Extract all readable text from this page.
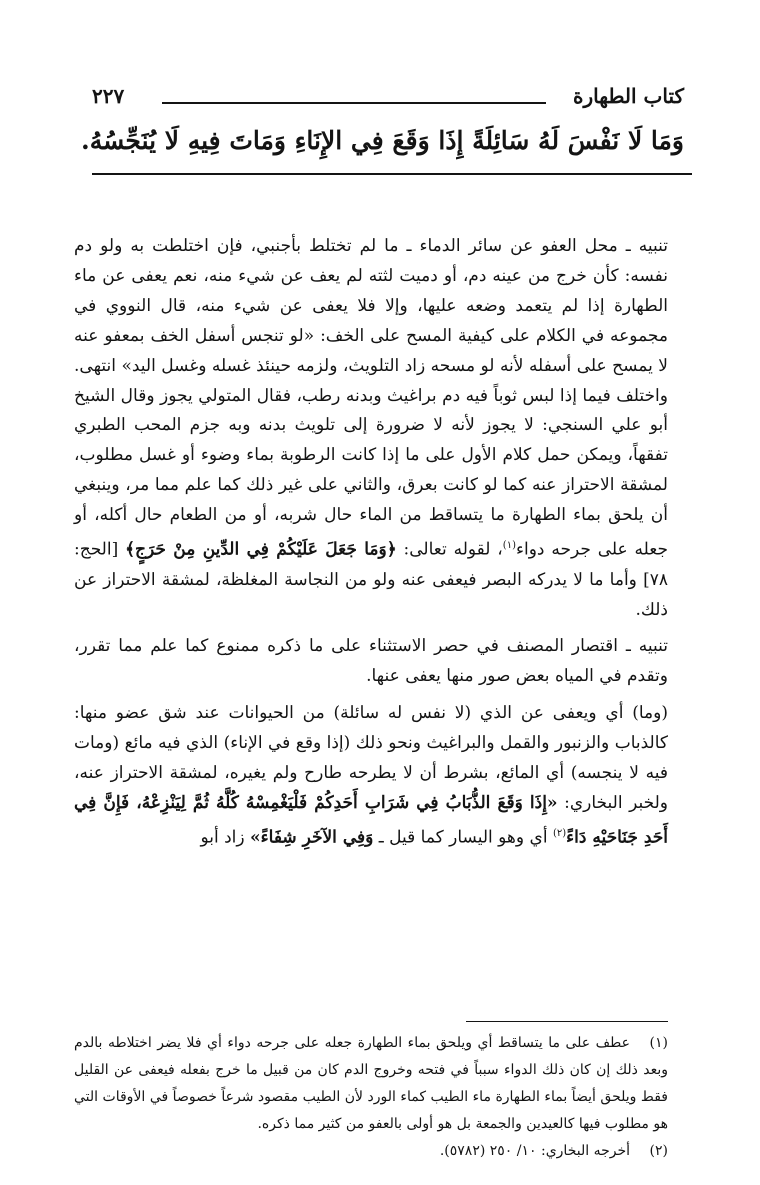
كتاب الطهارة
٢٢٧
وَمَا لَا نَفْسَ لَهُ سَائِلَةً إِذَا وَقَعَ فِي الإِنَاءِ وَمَاتَ فِيهِ لَا يُنَجِّسُهُ.

تنبيه ـ محل العفو عن سائر الدماء ـ ما لم تختلط بأجنبي، فإن اختلطت به ولو دم نفسه: كأن خرج من عينه دم، أو دميت لثته لم يعف عن شيء منه، نعم يعفى عن ماء الطهارة إذا لم يتعمد وضعه عليها، وإلا فلا يعفى عن شيء منه، قال النووي في مجموعه في الكلام على كيفية المسح على الخف: «لو تنجس أسفل الخف بمعفو عنه لا يمسح على أسفله لأنه لو مسحه زاد التلويث، ولزمه حينئذ غسله وغسل اليد» انتهى. واختلف فيما إذا لبس ثوباً فيه دم براغيث وبدنه رطب، فقال المتولي يجوز وقال الشيخ أبو علي السنجي: لا يجوز لأنه لا ضرورة إلى تلويث بدنه وبه جزم المحب الطبري تفقهاً، ويمكن حمل كلام الأول على ما إذا كانت الرطوبة بماء وضوء أو غسل مطلوب، لمشقة الاحتراز عنه كما لو كانت بعرق، والثاني على غير ذلك كما علم مما مر، وينبغي أن يلحق بماء الطهارة ما يتساقط من الماء حال شربه، أو من الطعام حال أكله، أو جعله على جرحه دواء$^{(١)}$، لقوله تعالى: ﴿وَمَا جَعَلَ عَلَيْكُمْ فِي الدِّينِ مِنْ حَرَجٍ﴾ [الحج: ٧٨] وأما ما لا يدركه البصر فيعفى عنه ولو من النجاسة المغلظة، لمشقة الاحتراز عن ذلك.

تنبيه ـ اقتصار المصنف في حصر الاستثناء على ما ذكره ممنوع كما علم مما تقرر، وتقدم في المياه بعض صور منها يعفى عنها.

(وما) أي ويعفى عن الذي (لا نفس له سائلة) من الحيوانات عند شق عضو منها: كالذباب والزنبور والقمل والبراغيث ونحو ذلك (إذا وقع في الإناء) الذي فيه مائع (ومات فيه لا ينجسه) أي المائع، بشرط أن لا يطرحه طارح ولم يغيره، لمشقة الاحتراز عنه، ولخبر البخاري: «إِذَا وَقَعَ الذُّبَابُ فِي شَرَابِ أَحَدِكُمْ فَلْيَغْمِسْهُ كُلَّهُ ثُمَّ لِيَنْزِعْهُ، فَإِنَّ فِي أَحَدِ جَنَاحَيْهِ دَاءً$^{(٢)}$ أي وهو اليسار كما قيل ـ وَفِي الآخَرِ شِفَاءً» زاد أبو

(١)عطف على ما يتساقط أي ويلحق بماء الطهارة جعله على جرحه دواء أي فلا يضر اختلاطه بالدم وبعد ذلك إن كان ذلك الدواء سبباً في فتحه وخروج الدم كان من قبيل ما خرج بفعله فيعفى عن القليل فقط ويلحق أيضاً بماء الطهارة ماء الطيب كماء الورد لأن الطيب مقصود شرعاً خصوصاً في الأوقات التي هو مطلوب فيها كالعيدين والجمعة بل هو أولى بالعفو من كثير مما ذكره.

(٢)أخرجه البخاري: ١٠/ ٢٥٠ (٥٧٨٢).
